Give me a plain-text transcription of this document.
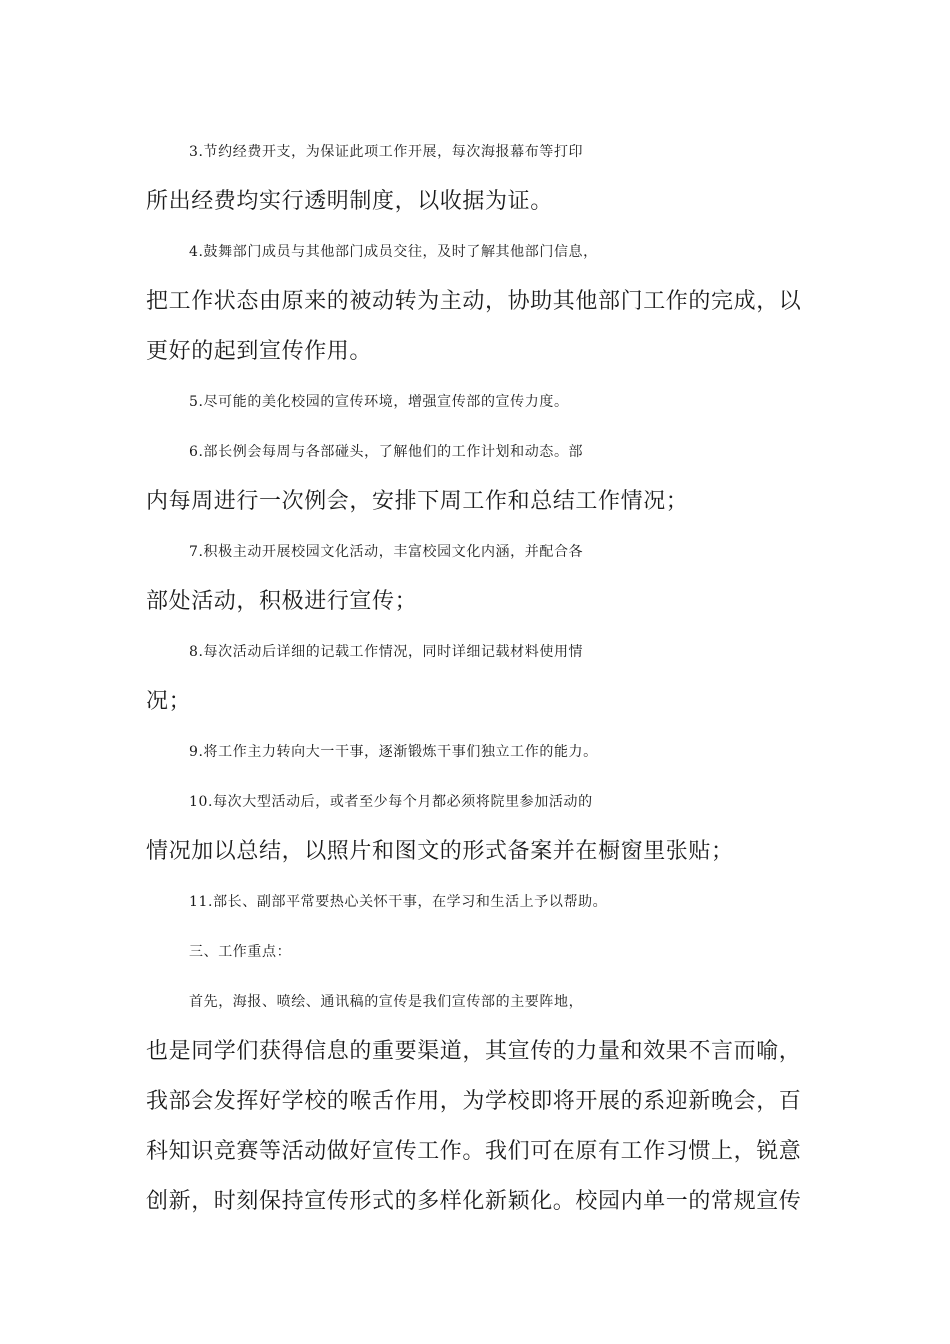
3.节约经费开支，为保证此项工作开展，每次海报幕布等打印
所出经费均实行透明制度，以收据为证。
4.鼓舞部门成员与其他部门成员交往，及时了解其他部门信息，
把工作状态由原来的被动转为主动，协助其他部门工作的完成，以
更好的起到宣传作用。
5.尽可能的美化校园的宣传环境，增强宣传部的宣传力度。
6.部长例会每周与各部碰头，了解他们的工作计划和动态。部
内每周进行一次例会，安排下周工作和总结工作情况；
7.积极主动开展校园文化活动，丰富校园文化内涵，并配合各
部处活动，积极进行宣传；
8.每次活动后详细的记载工作情况，同时详细记载材料使用情
况；
9.将工作主力转向大一干事，逐渐锻炼干事们独立工作的能力。
10.每次大型活动后，或者至少每个月都必须将院里参加活动的
情况加以总结，以照片和图文的形式备案并在橱窗里张贴；
11.部长、副部平常要热心关怀干事，在学习和生活上予以帮助。
三、工作重点：
首先，海报、喷绘、通讯稿的宣传是我们宣传部的主要阵地，
也是同学们获得信息的重要渠道，其宣传的力量和效果不言而喻，
我部会发挥好学校的喉舌作用，为学校即将开展的系迎新晚会，百
科知识竞赛等活动做好宣传工作。我们可在原有工作习惯上，锐意
创新，时刻保持宣传形式的多样化新颖化。校园内单一的常规宣传
